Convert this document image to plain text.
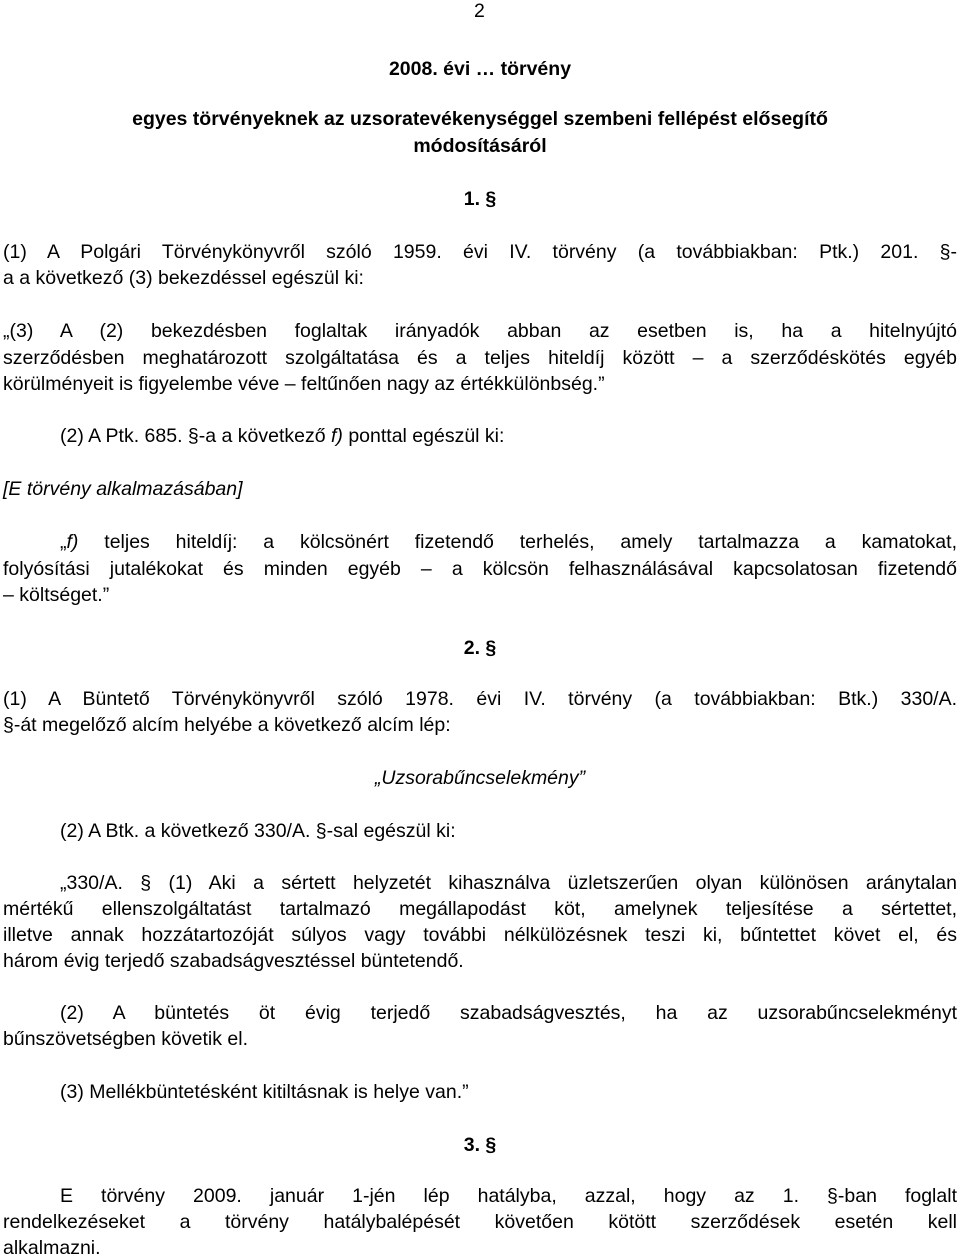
2
2008. évi … törvény
egyes törvényeknek az uzsoratevékenységgel szembeni fellépést elősegítő
módosításáról
1. §
(1) A Polgári Törvénykönyvről szóló 1959. évi IV. törvény (a továbbiakban: Ptk.) 201. §-
a a következő (3) bekezdéssel egészül ki:
„(3) A (2) bekezdésben foglaltak irányadók abban az esetben is, ha a hitelnyújtó
szerződésben meghatározott szolgáltatása és a teljes hiteldíj között – a szerződéskötés egyéb
körülményeit is figyelembe véve – feltűnően nagy az értékkülönbség.”
(2) A Ptk. 685. §-a a következő f) ponttal egészül ki:
[E törvény alkalmazásában]
„f) teljes hiteldíj: a kölcsönért fizetendő terhelés, amely tartalmazza a kamatokat,
folyósítási jutalékokat és minden egyéb – a kölcsön felhasználásával kapcsolatosan fizetendő
– költséget.”
2. §
(1) A Büntető Törvénykönyvről szóló 1978. évi IV. törvény (a továbbiakban: Btk.) 330/A.
§-át megelőző alcím helyébe a következő alcím lép:
„Uzsorabűncselekmény”
(2) A Btk. a következő 330/A. §-sal egészül ki:
„330/A. § (1) Aki a sértett helyzetét kihasználva üzletszerűen olyan különösen aránytalan
mértékű ellenszolgáltatást tartalmazó megállapodást köt, amelynek teljesítése a sértettet,
illetve annak hozzátartozóját súlyos vagy további nélkülözésnek teszi ki, bűntettet követ el, és
három évig terjedő szabadságvesztéssel büntetendő.
(2) A büntetés öt évig terjedő szabadságvesztés, ha az uzsorabűncselekményt
bűnszövetségben követik el.
(3) Mellékbüntetésként kitiltásnak is helye van.”
3. §
E törvény 2009. január 1-jén lép hatályba, azzal, hogy az 1. §-ban foglalt
rendelkezéseket a törvény hatálybalépését követően kötött szerződések esetén kell
alkalmazni.
